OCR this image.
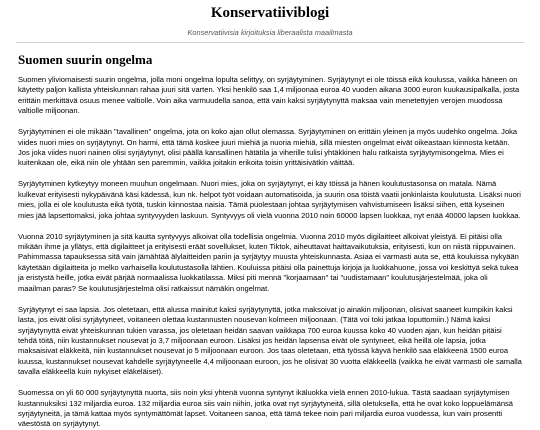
Konservatiiviblogi
Konservatiivisia kirjoituksia liberaalista maailmasta
Suomen suurin ongelma

Suomen yliviomaisesti suurin ongelma, jolla moni ongelma lopulta selittyy, on syrjäytyminen. Syrjäytynyt ei ole töissä eikä koulussa, vaikka häneen on käytetty paljon kallista yhteiskunnan rahaa juuri sitä varten. Yksi henkilö saa 1,4 miljoonaa euroa 40 vuoden aikana 3000 euron kuukausipalkalla, josta erittäin merkittävä osuus menee valtiolle. Voin aika varmuudella sanoa, että vain kaksi syrjäytynyttä maksaa vain menetettyjen verojen muodossa valtiolle miljoonan.

Syrjäytyminen ei ole mikään "tavallinen" ongelma, jota on koko ajan ollut olemassa. Syrjäytyminen on erittäin yleinen ja myös uudehko ongelma. Joka viides nuori mies on syrjäytynyt. On harmi, että tämä koskee juuri miehiä ja nuoria miehiä, sillä miesten ongelmat eivät oikeastaan kiinnosta ketään. Jos joka viides nuori nainen olisi syrjäytynyt, olisi päällä kansallinen hätätila ja viherille tulisi yhtäkkinen halu ratkaista syrjäytymisongelma. Mies ei kuitenkaan ole, eikä niin ole yhtään sen paremmin, vaikka joitakin erikoita toisin yrittäisivätkin väittää.

Syrjäytyminen kytkeytyy moneen muuhun ongelmaan. Nuori mies, joka on syrjäytynyt, ei käy töissä ja hänen koulutustasonsa on matala. Nämä kulkevat erityisesti nykypäivänä käsi kädessä, kun nk. helpot työt voidaan automatisoida, ja suurin osa töistä vaatii jonkinlaista koulutusta. Lisäksi nuori mies, jolla ei ole koulutusta eikä työtä, tuskin kiinnostaa naisia. Tämä puolestaan johtaa syrjäytymisen vahvistumiseen lisäksi siihen, että kyseinen mies jää lapsettomaksi, joka johtaa syntyvyyden laskuun. Syntyvyys oli vielä vuonna 2010 noin 60000 lapsen luokkaa, nyt enää 40000 lapsen luokkaa.

Vuonna 2010 syrjäytyminen ja sitä kautta syntyvyys alkoivat olla todellisia ongelmia. Vuonna 2010 myös digilaitteet alkoivat yleistyä. Ei pitäisi olla mikään ihme ja yllätys, että digilaitteet ja erityisesti eräät sovellukset, kuten Tiktok, aiheuttavat haittavaikutuksia, erityisesti, kun on niistä riippuvainen. Pahimmassa tapauksessa sitä vain jämähtää älylaitteiden pariin ja syrjäytyy muusta yhteiskunnasta. Asiaa ei varmasti auta se, että kouluissa nykyään käytetään digilaitteita jo melko varhaisella koulutustasolla lähtien. Kouluissa pitäisi olla painettuja kirjoja ja luokkahuone, jossa voi keskittyä sekä tukea ja eristystä heille, jotka eivät pärjää normaalissa luokkatilassa. Miksi piti mennä "korjaamaan" tai "uudistamaan" koulutusjärjestelmää, joka oli maailman paras? Se koulutusjärjestelmä olisi ratkaissut nämäkin ongelmat.

Syrjäytynyt ei saa lapsia. Jos oletetaan, että alussa mainitut kaksi syrjäytynyttä, jotka maksoivat jo ainakin miljoonan, olisivat saaneet kumpikin kaksi lasta, jos eivät olisi syrjäytyneet, voitaneen olettaa kustannusten nousevan kolmeen miljoonaan. (Tätä voi toki jatkaa loputtomiin.) Nämä kaksi syrjäytynyttä eivät yhteiskunnan tukien varassa, jos oletetaan heidän saavan vaikkapa 700 euroa kuussa koko 40 vuoden ajan, kun heidän pitäisi tehdä töitä, niin kustannukset nousevat jo 3,7 miljoonaan euroon. Lisäksi jos heidän lapsensa eivät ole syntyneet, eikä heillä ole lapsia, jotka maksaisivat eläkkeitä, niin kustannukset nousevat jo 5 miljoonaan euroon. Jos taas oletetaan, että työssä käyvä henkilö saa eläkkeenä 1500 euroa kuussa, kustannukset nousevat kahdelle syrjäytyneelle 4,4 miljoonaan euroon, jos he olisivat 30 vuotta eläkkeellä (vaikka he eivät varmasti ole samalla tavalla eläkkeellä kuin nykyiset eläkeläiset).

Suomessa on yli 60 000 syrjäytynyttä nuorta, siis noin yksi yhtenä vuonna syntynyt ikäluokka vielä ennen 2010-lukua. Tästä saadaan syrjäytymisen kustannuksiksi 132 miljardia euroa. 132 miljardia euroa siis vain niihin, jotka ovat nyt syrjäytyneitä, sillä oletuksella, että he ovat koko loppuelämänsä syrjäytyneitä, ja tämä kattaa myös syntymättömät lapset. Voitaneen sanoa, että tämä tekee noin pari miljardia euroa vuodessa, kun vain prosentti väestöstä on syrjäytynyt.
